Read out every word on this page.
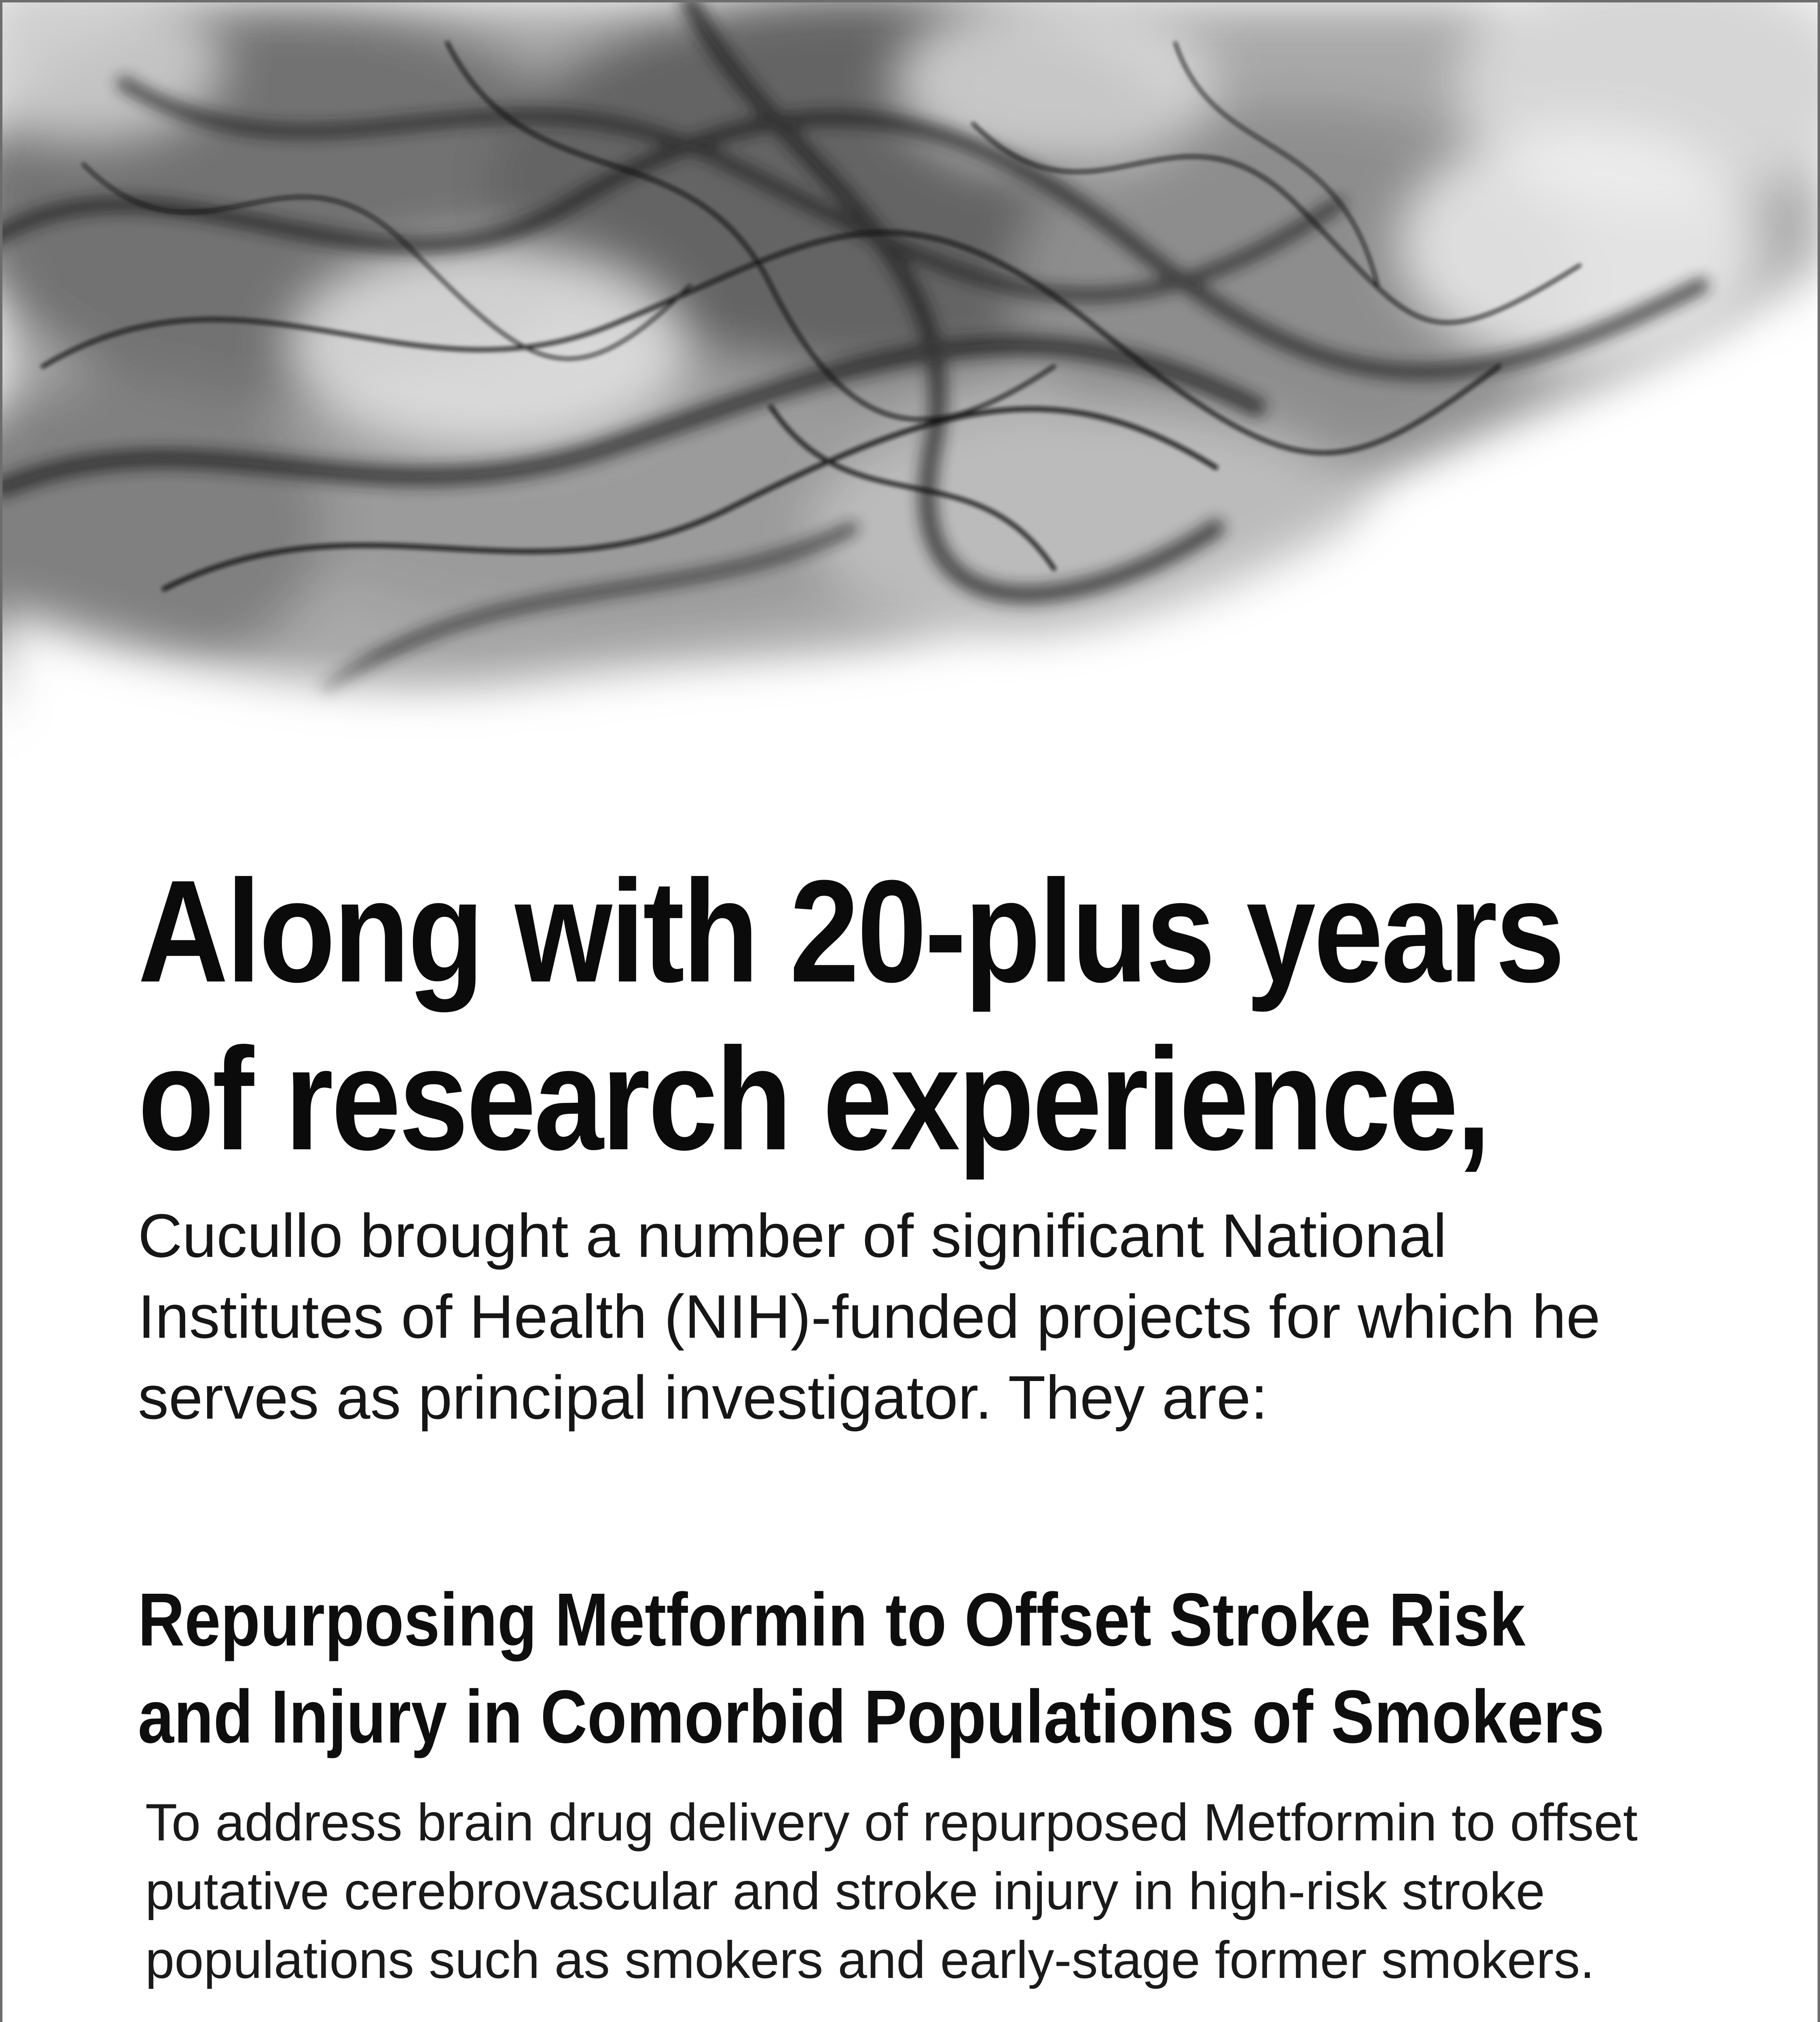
Along with 20-plus years
of research experience,

Cucullo brought a number of significant National Institutes of Health (NIH)-funded projects for which he serves as principal investigator. They are:

Repurposing Metformin to Offset Stroke Risk
and Injury in Comorbid Populations of Smokers

To address brain drug delivery of repurposed Metformin to offset putative cerebrovascular and stroke injury in high-risk stroke populations such as smokers and early-stage former smokers.
